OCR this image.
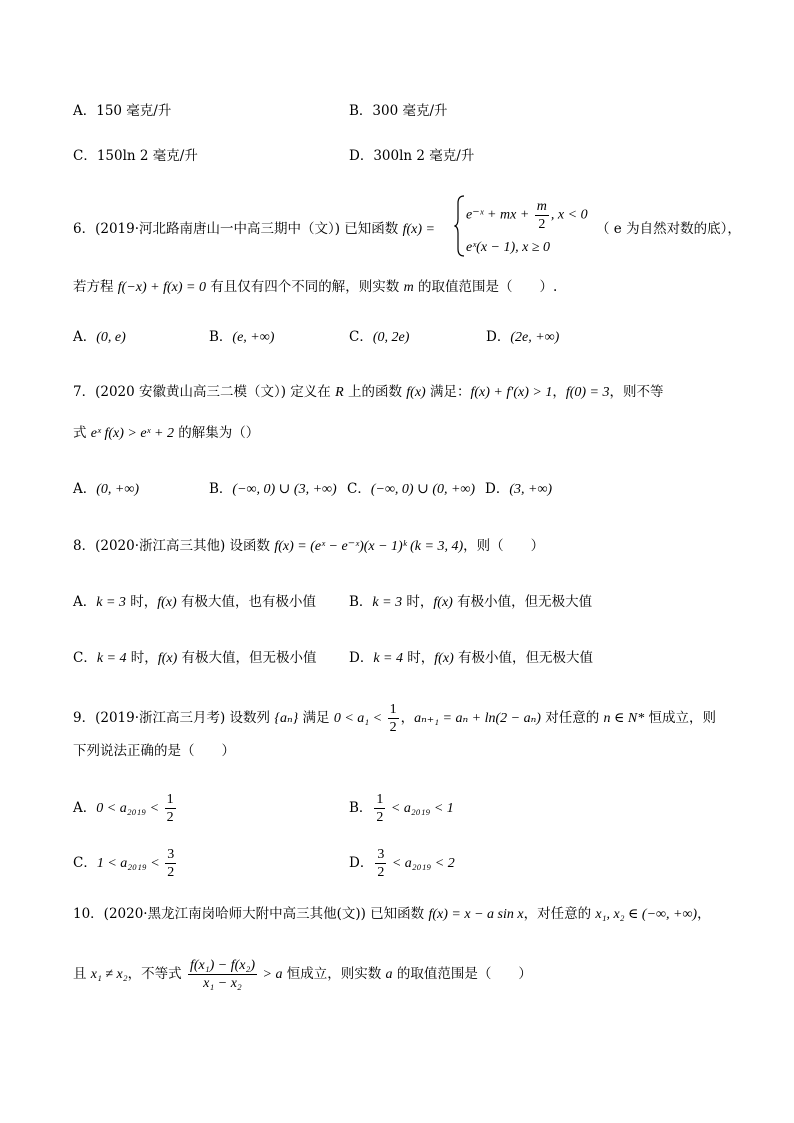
A．150 毫克/升	B．300 毫克/升
C．150ln 2 毫克/升	D．300ln 2 毫克/升
6．(2019·河北路南唐山一中高三期中（文）) 已知函数 f(x) =
e⁻ˣ + mx + $\frac{m}{2}$ , x < 0
eˣ(x − 1), x ≥ 0
（ e 为自然对数的底），
若方程 f(−x) + f(x) = 0 有且仅有四个不同的解，则实数 m 的取值范围是（　　）.
A．(0, e)	B．(e, +∞)	C．(0, 2e)	D．(2e, +∞)
7．(2020 安徽黄山高三二模（文）) 定义在 R 上的函数 f(x) 满足：f(x) + f′(x) > 1，f(0) = 3，则不等
式 eˣ f(x) > eˣ + 2 的解集为（）
A．(0, +∞)	B．(−∞, 0) ∪ (3, +∞) C．(−∞, 0) ∪ (0, +∞) D．(3, +∞)
8．(2020·浙江高三其他) 设函数 f(x) = (eˣ − e⁻ˣ)(x − 1)ᵏ (k = 3, 4)，则（　　）
A．k = 3 时，f(x) 有极大值，也有极小值 B．k = 3 时，f(x) 有极小值，但无极大值
C．k = 4 时，f(x) 有极大值，但无极小值 D．k = 4 时，f(x) 有极小值，但无极大值
9．(2019·浙江高三月考) 设数列 {aₙ} 满足 $0 < a_1 < \frac{1}{2}$ ，aₙ₊₁ = aₙ + ln(2 − aₙ) 对任意的 n ∈ N* 恒成立，则
下列说法正确的是（　　）
A．$0 < a_{2019} < \frac{1}{2}$	B． $\frac{1}{2} < a_{2019} < 1$
C．$1 < a_{2019} < \frac{3}{2}$	D． $\frac{3}{2} < a_{2019} < 2$
10．(2020·黑龙江南岗哈师大附中高三其他(文)) 已知函数 f(x) = x − a sin x，对任意的 x₁, x₂ ∈ (−∞, +∞)，
且 x₁ ≠ x₂，不等式 $\frac{\text{f(x₁) − f(x₂)}}{\text{x₁ − x₂}} > a$ 恒成立，则实数 a 的取值范围是（　　）
